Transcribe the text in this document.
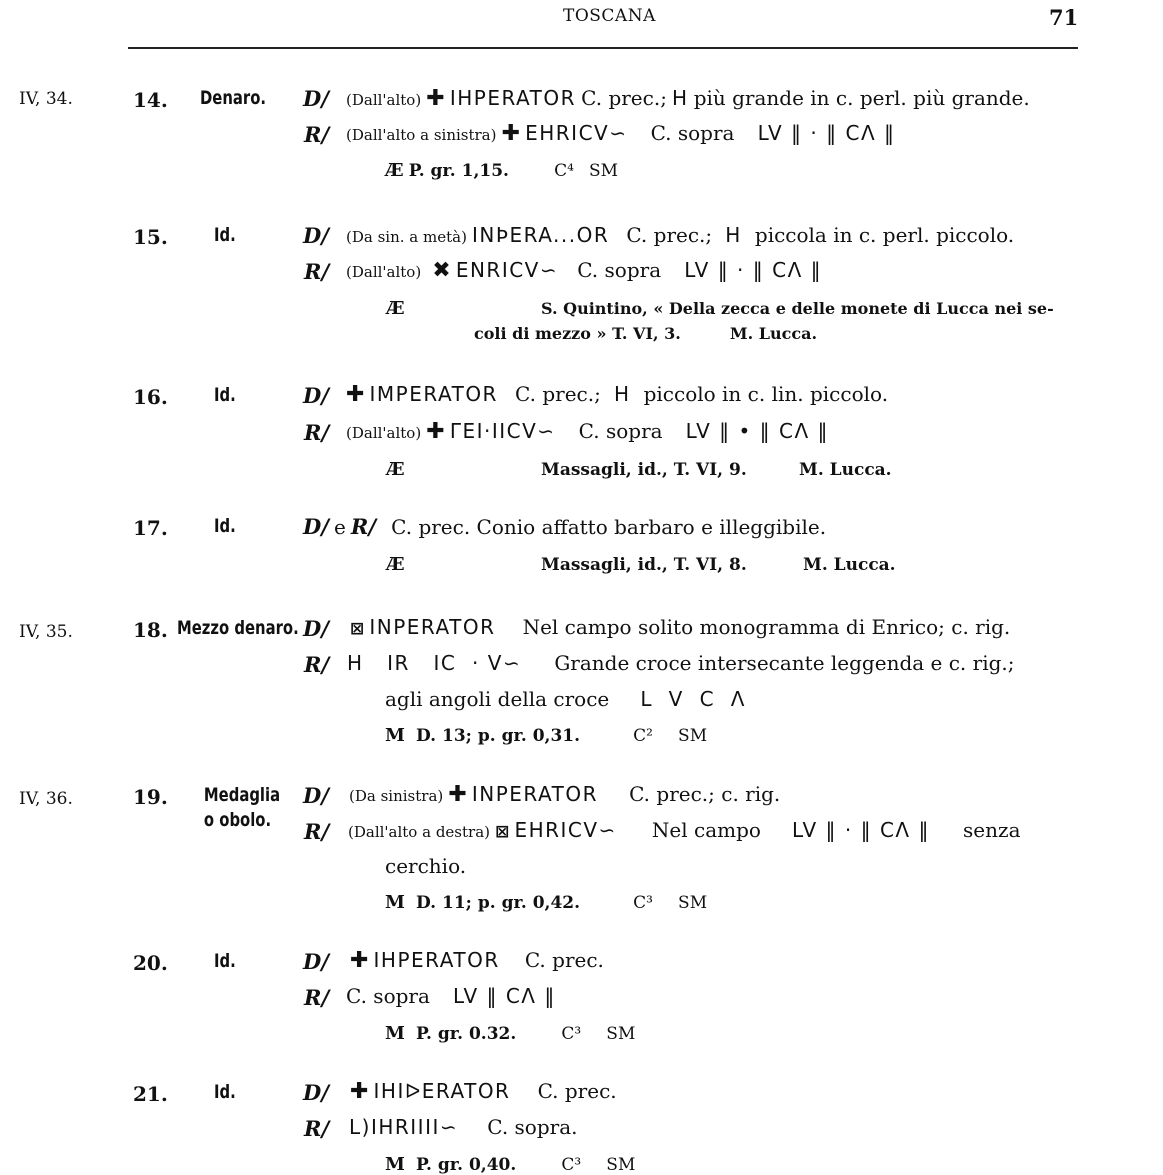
TOSCANA	71
IV, 34.	14. Denaro. D/ (Dall'alto) ✚ IHPERATOR C. prec.; H più grande in c. perl. più grande.
R/ (Dall'alto a sinistra) ✚ EHRICV∽ C. sopra LV ‖ · ‖ CΛ ‖
Æ P. gr. 1,15.	C⁴ SM
15. Id.	D/ (Da sin. a metà) INÞERA...OR C. prec.; H piccola in c. perl. piccolo.
R/ (Dall'alto) ✖ ENRICV∽ C. sopra LV ‖ · ‖ CΛ ‖
Æ	S. Quintino, « Della zecca e delle monete di Lucca nei se-
coli di mezzo » T. VI, 3.	M. Lucca.
16. Id.	D/ ✚ IMPERATOR C. prec.; H piccolo in c. lin. piccolo.
R/ (Dall'alto) ✚ ΓEI·IICV∽ C. sopra LV ‖ • ‖ CΛ ‖
Æ	Massagli, id., T. VI, 9.	M. Lucca.
17. Id.	D/ e R/ C. prec. Conio affatto barbaro e illeggibile.
Æ	Massagli, id., T. VI, 8.	M. Lucca.
IV, 35.	18. Mezzo denaro. D/ ⊠ INPERATOR Nel campo solito monogramma di Enrico; c. rig.
R/ H   IR   IC  · V∽ Grande croce intersecante leggenda e c. rig.;
agli angoli della croce L  V  C  Λ
M D. 13; p. gr. 0,31.	C² SM
IV, 36.	19. Medaglia
o obolo.
D/ (Da sinistra) ✚ INPERATOR C. prec.; c. rig.
R/ (Dall'alto a destra) ⊠ EHRICV∽ Nel campo LV ‖ · ‖ CΛ ‖ senza
cerchio.
M D. 11; p. gr. 0,42.	C³ SM
20. Id.	D/ ✚ IHPERATOR C. prec.
R/ C. sopra LV ‖ CΛ ‖
M P. gr. 0.32.	C³ SM
21. Id.	D/ ✚ IHIᐅERATOR C. prec.
R/ L)IHRIIII∽ C. sopra.
M P. gr. 0,40.	C³ SM
